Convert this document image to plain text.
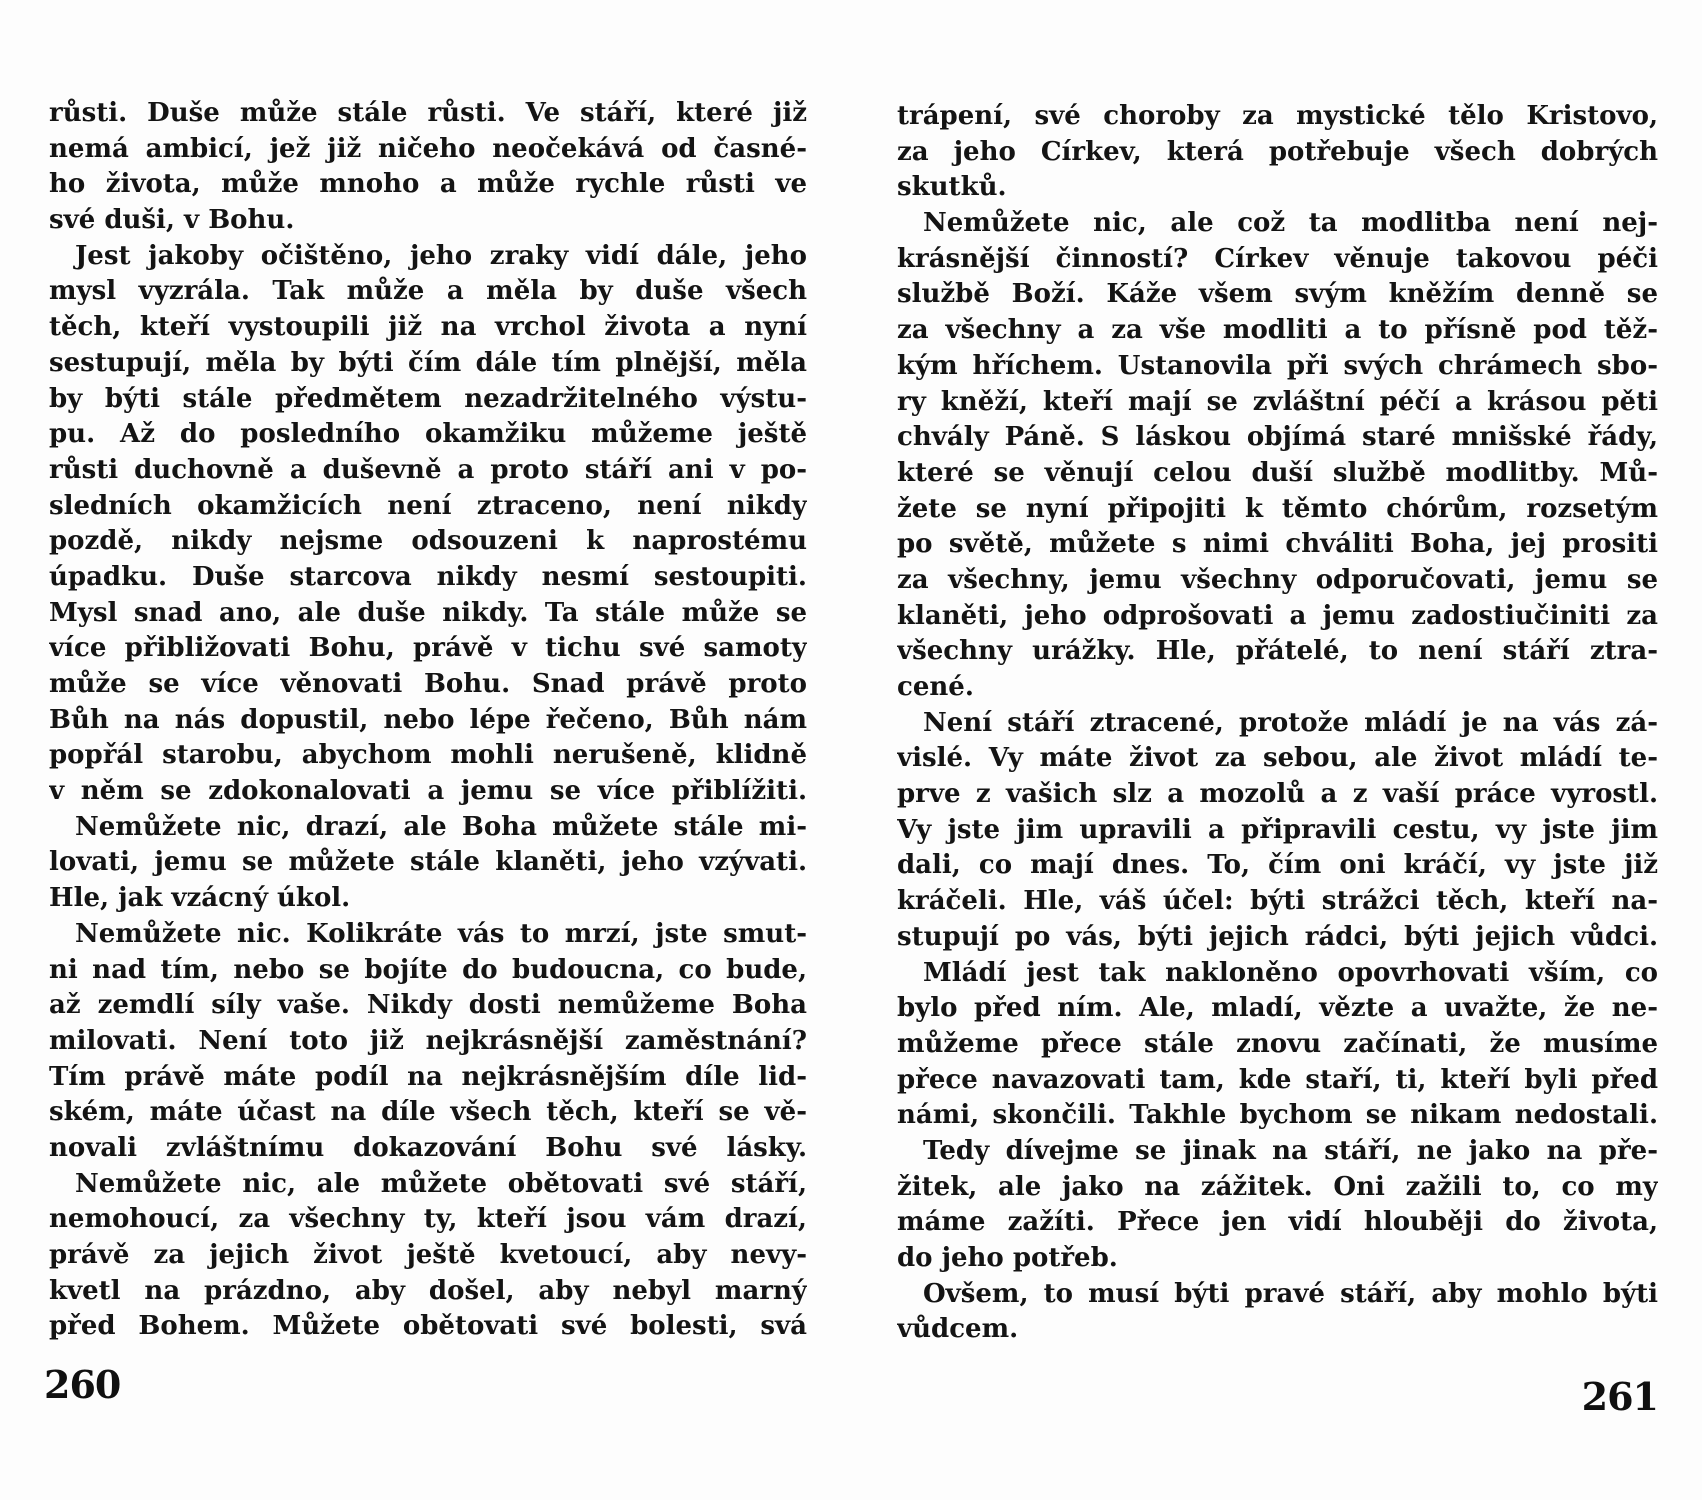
růsti. Duše může stále růsti. Ve stáří, které již
nemá ambicí, jež již ničeho neočekává od časné-
ho života, může mnoho a může rychle růsti ve
své duši, v Bohu.
Jest jakoby očištěno, jeho zraky vidí dále, jeho
mysl vyzrála. Tak může a měla by duše všech
těch, kteří vystoupili již na vrchol života a nyní
sestupují, měla by býti čím dále tím plnější, měla
by býti stále předmětem nezadržitelného výstu-
pu. Až do posledního okamžiku můžeme ještě
růsti duchovně a duševně a proto stáří ani v po-
sledních okamžicích není ztraceno, není nikdy
pozdě, nikdy nejsme odsouzeni k naprostému
úpadku. Duše starcova nikdy nesmí sestoupiti.
Mysl snad ano, ale duše nikdy. Ta stále může se
více přibližovati Bohu, právě v tichu své samoty
může se více věnovati Bohu. Snad právě proto
Bůh na nás dopustil, nebo lépe řečeno, Bůh nám
popřál starobu, abychom mohli nerušeně, klidně
v něm se zdokonalovati a jemu se více přiblížiti.
Nemůžete nic, drazí, ale Boha můžete stále mi-
lovati, jemu se můžete stále klaněti, jeho vzývati.
Hle, jak vzácný úkol.
Nemůžete nic. Kolikráte vás to mrzí, jste smut-
ni nad tím, nebo se bojíte do budoucna, co bude,
až zemdlí síly vaše. Nikdy dosti nemůžeme Boha
milovati. Není toto již nejkrásnější zaměstnání?
Tím právě máte podíl na nejkrásnějším díle lid-
ském, máte účast na díle všech těch, kteří se vě-
novali zvláštnímu dokazování Bohu své lásky.
Nemůžete nic, ale můžete obětovati své stáří,
nemohoucí, za všechny ty, kteří jsou vám drazí,
právě za jejich život ještě kvetoucí, aby nevy-
kvetl na prázdno, aby došel, aby nebyl marný
před Bohem. Můžete obětovati své bolesti, svá
trápení, své choroby za mystické tělo Kristovo,
za jeho Církev, která potřebuje všech dobrých
skutků.
Nemůžete nic, ale což ta modlitba není nej-
krásnější činností? Církev věnuje takovou péči
službě Boží. Káže všem svým kněžím denně se
za všechny a za vše modliti a to přísně pod těž-
kým hříchem. Ustanovila při svých chrámech sbo-
ry kněží, kteří mají se zvláštní péčí a krásou pěti
chvály Páně. S láskou objímá staré mnišské řády,
které se věnují celou duší službě modlitby. Mů-
žete se nyní připojiti k těmto chórům, rozsetým
po světě, můžete s nimi chváliti Boha, jej prositi
za všechny, jemu všechny odporučovati, jemu se
klaněti, jeho odprošovati a jemu zadostiučiniti za
všechny urážky. Hle, přátelé, to není stáří ztra-
cené.
Není stáří ztracené, protože mládí je na vás zá-
vislé. Vy máte život za sebou, ale život mládí te-
prve z vašich slz a mozolů a z vaší práce vyrostl.
Vy jste jim upravili a připravili cestu, vy jste jim
dali, co mají dnes. To, čím oni kráčí, vy jste již
kráčeli. Hle, váš účel: býti strážci těch, kteří na-
stupují po vás, býti jejich rádci, býti jejich vůdci.
Mládí jest tak nakloněno opovrhovati vším, co
bylo před ním. Ale, mladí, vězte a uvažte, že ne-
můžeme přece stále znovu začínati, že musíme
přece navazovati tam, kde staří, ti, kteří byli před
námi, skončili. Takhle bychom se nikam nedostali.
Tedy dívejme se jinak na stáří, ne jako na pře-
žitek, ale jako na zážitek. Oni zažili to, co my
máme zažíti. Přece jen vidí hlouběji do života,
do jeho potřeb.
Ovšem, to musí býti pravé stáří, aby mohlo býti
vůdcem.
260	261
